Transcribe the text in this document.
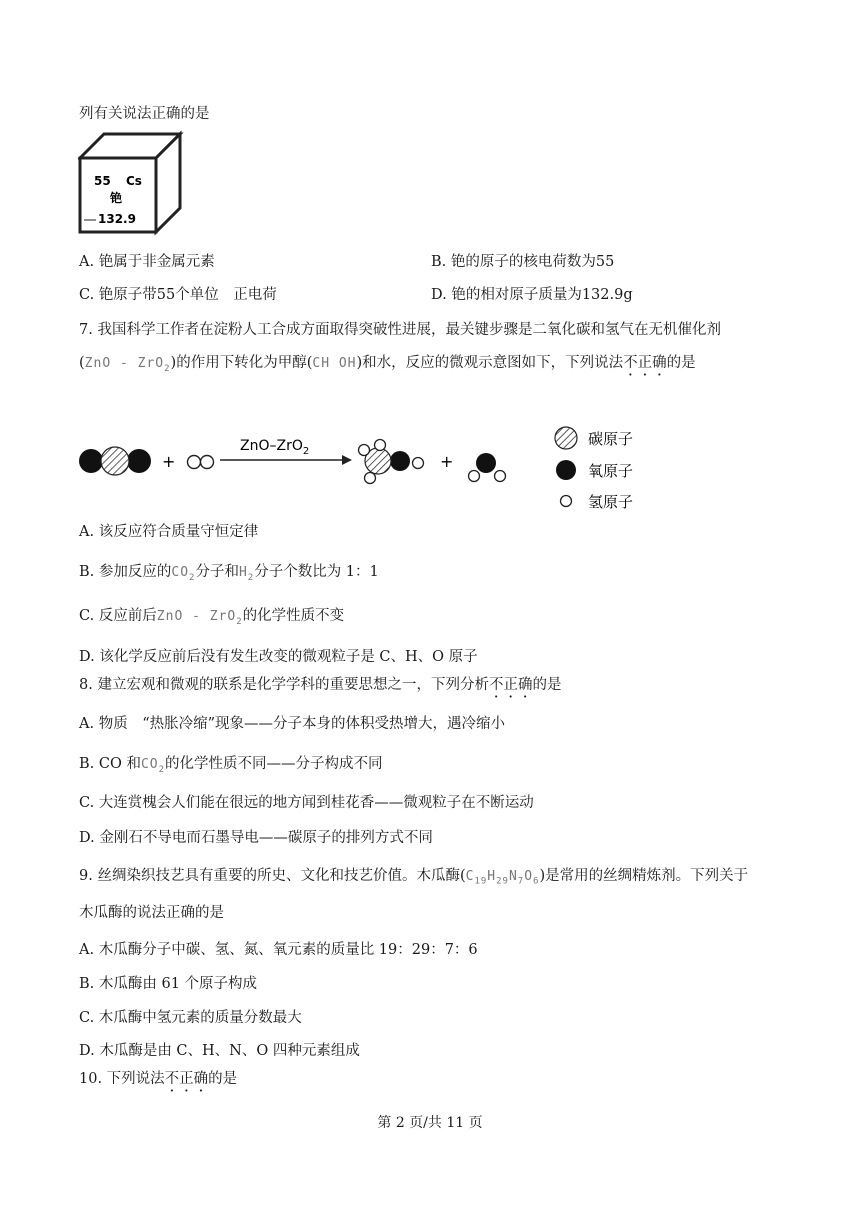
列有关说法正确的是
55 Cs
铯
132.9
A. 铯属于非金属元素	B. 铯的原子的核电荷数为55
C. 铯原子带55个单位　正电荷	D. 铯的相对原子质量为132.9g
7. 我国科学工作者在淀粉人工合成方面取得突破性进展，最关键步骤是二氧化碳和氢气在无机催化剂
(ZnO - ZrO$_2$)的作用下转化为甲醇(CH OH)和水，反应的微观示意图如下，下列说法不正确的是
+
ZnO–ZrO$_2$
+
碳原子
氧原子
氢原子
A. 该反应符合质量守恒定律
B. 参加反应的$CO_2$分子和$H_2$分子个数比为 1：1
C. 反应前后ZnO - ZrO$_2$的化学性质不变
D. 该化学反应前后没有发生改变的微观粒子是 C、H、O 原子
8. 建立宏观和微观的联系是化学学科的重要思想之一，下列分析不正确的是
A. 物质　“热胀冷缩”现象——分子本身的体积受热增大，遇冷缩小
B. CO 和$CO_2$的化学性质不同——分子构成不同
C. 大连赏槐会人们能在很远的地方闻到桂花香——微观粒子在不断运动
D. 金刚石不导电而石墨导电——碳原子的排列方式不同
9. 丝绸染织技艺具有重要的所史、文化和技艺价值。木瓜酶$(C_{19}H_{29}N_7O_6)$是常用的丝绸精炼剂。下列关于
木瓜酶的说法正确的是
A. 木瓜酶分子中碳、氢、氮、氧元素的质量比 19：29：7：6
B. 木瓜酶由 61 个原子构成
C. 木瓜酶中氢元素的质量分数最大
D. 木瓜酶是由 C、H、N、O 四种元素组成
10. 下列说法不正确的是
第 2 页/共 11 页
